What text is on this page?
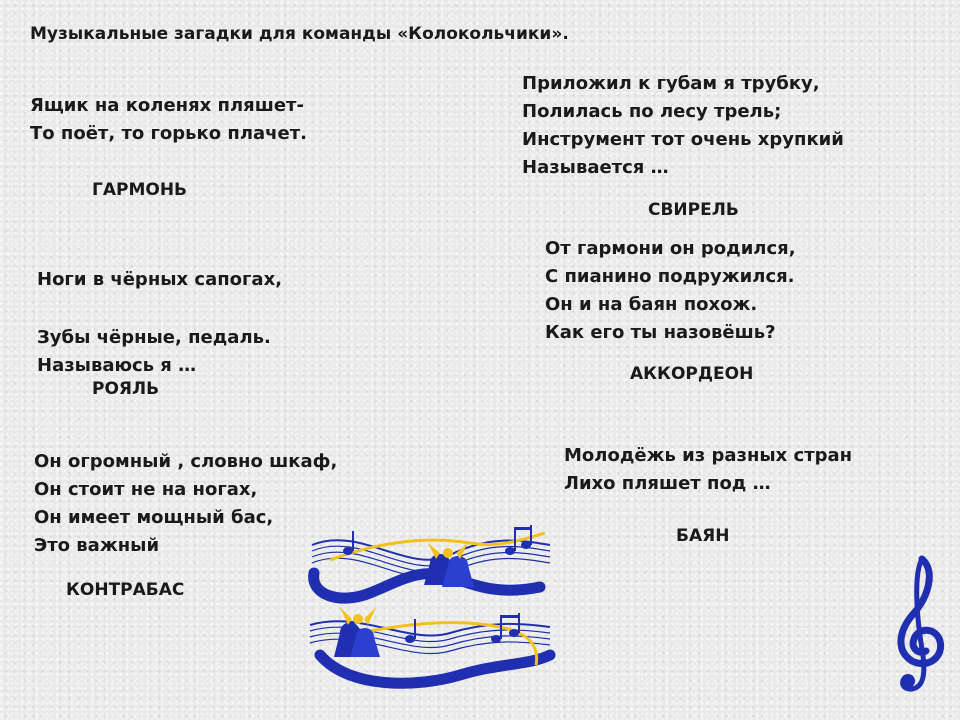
Музыкальные загадки для команды «Колокольчики».
Ящик на коленях пляшет-
То поёт, то горько плачет.
ГАРМОНЬ
Приложил к губам я трубку,
Полилась по лесу трель;
Инструмент тот очень хрупкий
Называется …
СВИРЕЛЬ
Ноги в чёрных сапогах,
Зубы чёрные, педаль.
Называюсь я …
РОЯЛЬ
От гармони он родился,
С пианино подружился.
Он и на баян похож.
Как его ты назовёшь?
АККОРДЕОН
Он огромный , словно шкаф,
Он стоит не на ногах,
Он имеет мощный бас,
Это важный
КОНТРАБАС
Молодёжь из разных стран
Лихо пляшет под …
БАЯН
